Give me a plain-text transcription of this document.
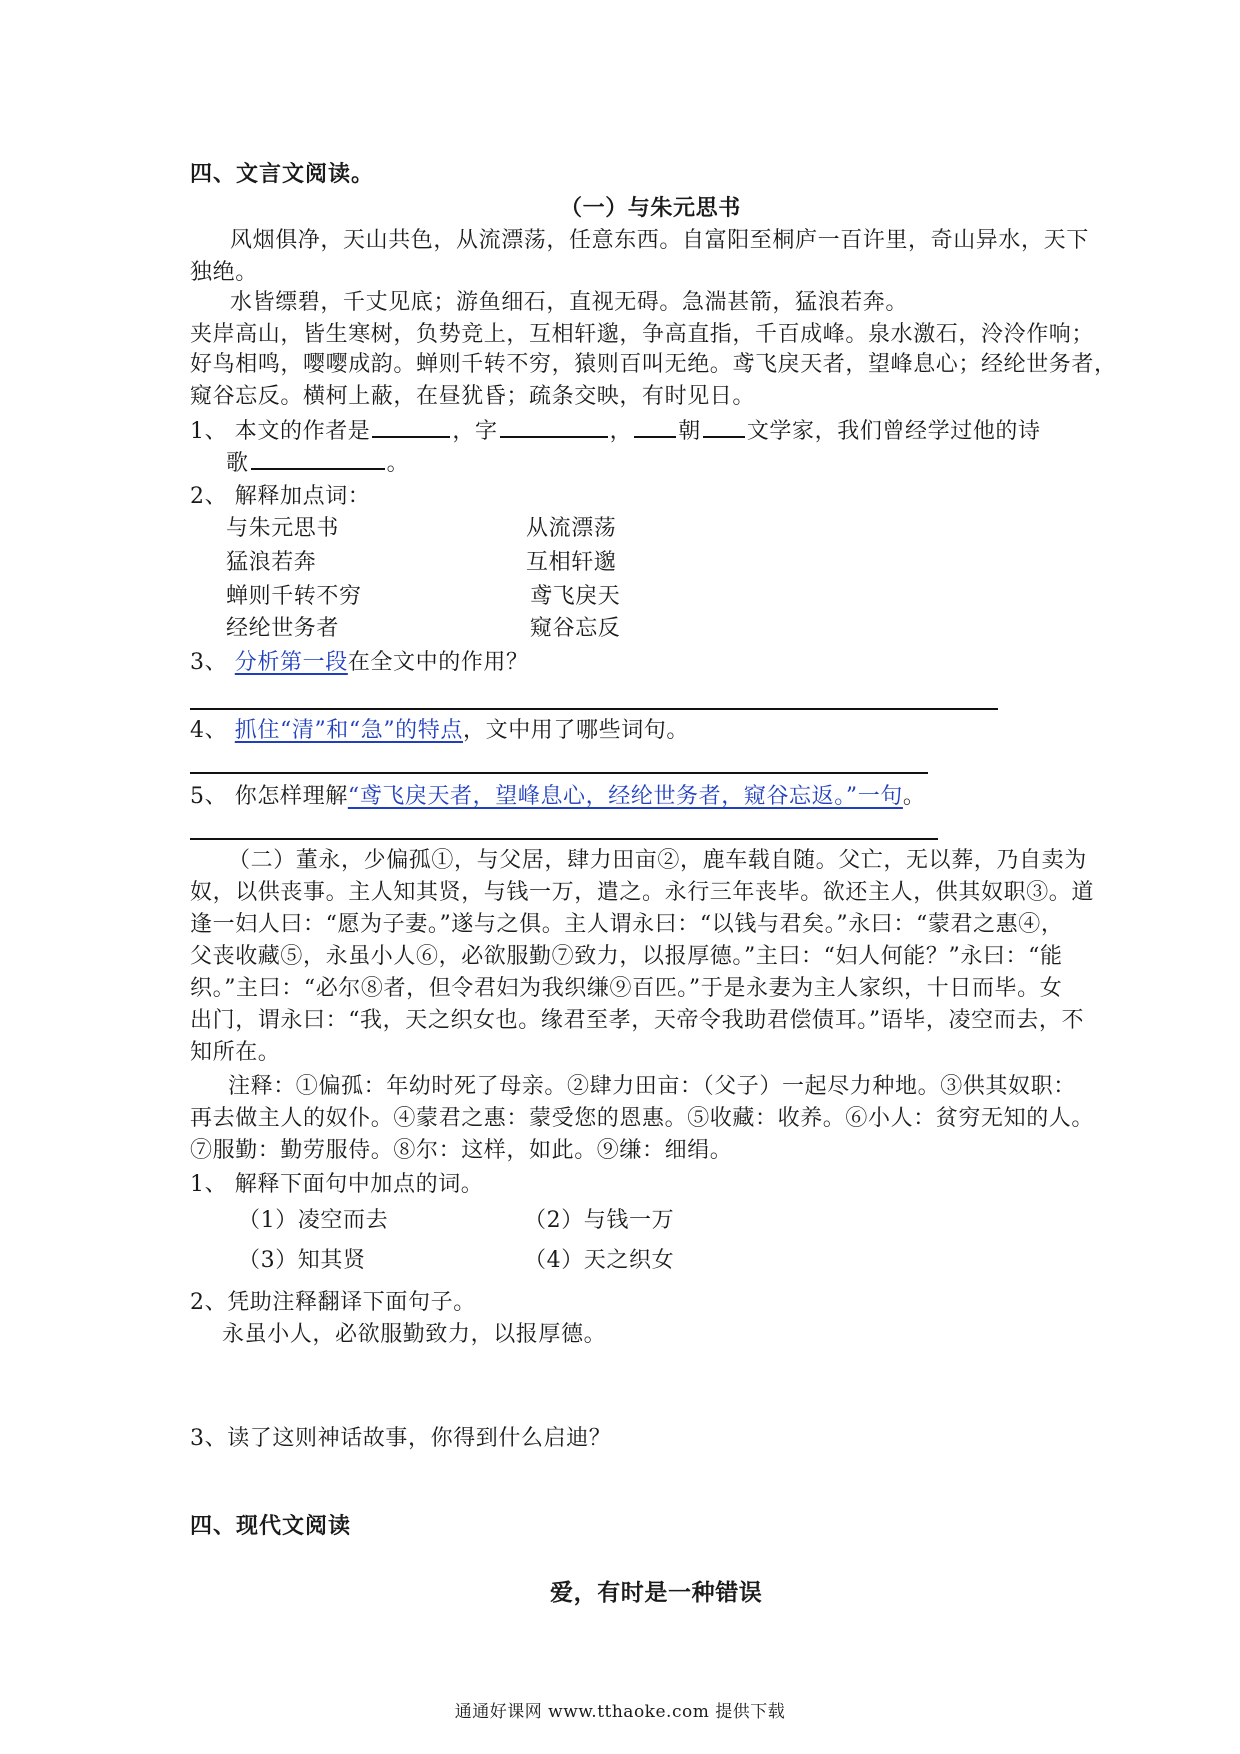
四、文言文阅读。
（一）与朱元思书
风烟俱净，天山共色，从流漂荡，任意东西。自富阳至桐庐一百许里，奇山异水，天下
独绝。
水皆缥碧，千丈见底；游鱼细石，直视无碍。急湍甚箭，猛浪若奔。
夹岸高山，皆生寒树，负势竞上，互相轩邈，争高直指，千百成峰。泉水激石，泠泠作响；
好鸟相鸣，嘤嘤成韵。蝉则千转不穷，猿则百叫无绝。鸢飞戾天者，望峰息心；经纶世务者，
窥谷忘反。横柯上蔽，在昼犹昏；疏条交映，有时见日。
1、 本文的作者是	，字	， 朝 文学家，我们曾经学过他的诗
歌	。
2、 解释加点词：
与朱元思书	从流漂荡
猛浪若奔	互相轩邈
蝉则千转不穷	鸢飞戾天
经纶世务者	窥谷忘反
3、 分析第一段在全文中的作用？
4、 抓住“清”和“急”的特点，文中用了哪些词句。
5、 你怎样理解“鸢飞戾天者，望峰息心，经纶世务者，窥谷忘返。”一句。
（二）董永，少偏孤①，与父居，肆力田亩②，鹿车载自随。父亡，无以葬，乃自卖为
奴，以供丧事。主人知其贤，与钱一万，遣之。永行三年丧毕。欲还主人，供其奴职③。道
逢一妇人曰：“愿为子妻。”遂与之俱。主人谓永曰：“以钱与君矣。”永曰：“蒙君之惠④，
父丧收藏⑤，永虽小人⑥，必欲服勤⑦致力，以报厚德。”主曰：“妇人何能？”永曰：“能
织。”主曰：“必尔⑧者，但令君妇为我织缣⑨百匹。”于是永妻为主人家织，十日而毕。女
出门，谓永曰：“我，天之织女也。缘君至孝，天帝令我助君偿债耳。”语毕，凌空而去，不
知所在。
注释：①偏孤：年幼时死了母亲。②肆力田亩：（父子）一起尽力种地。③供其奴职：
再去做主人的奴仆。④蒙君之惠：蒙受您的恩惠。⑤收藏：收养。⑥小人：贫穷无知的人。
⑦服勤：勤劳服侍。⑧尔：这样，如此。⑨缣：细绢。
1、 解释下面句中加点的词。
（1）凌空而去	（2）与钱一万
（3）知其贤	（4）天之织女
2、凭助注释翻译下面句子。
永虽小人，必欲服勤致力，以报厚德。
3、读了这则神话故事，你得到什么启迪？
四、现代文阅读
爱，有时是一种错误
通通好课网 www.tthaoke.com 提供下载
